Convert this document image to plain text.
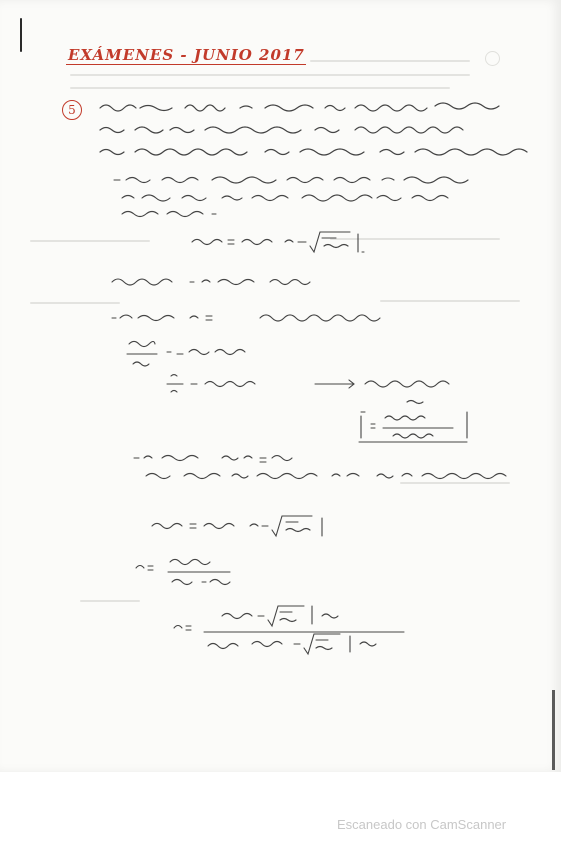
EXÁMENES - JUNIO 2017
5
Escaneado con CamScanner
